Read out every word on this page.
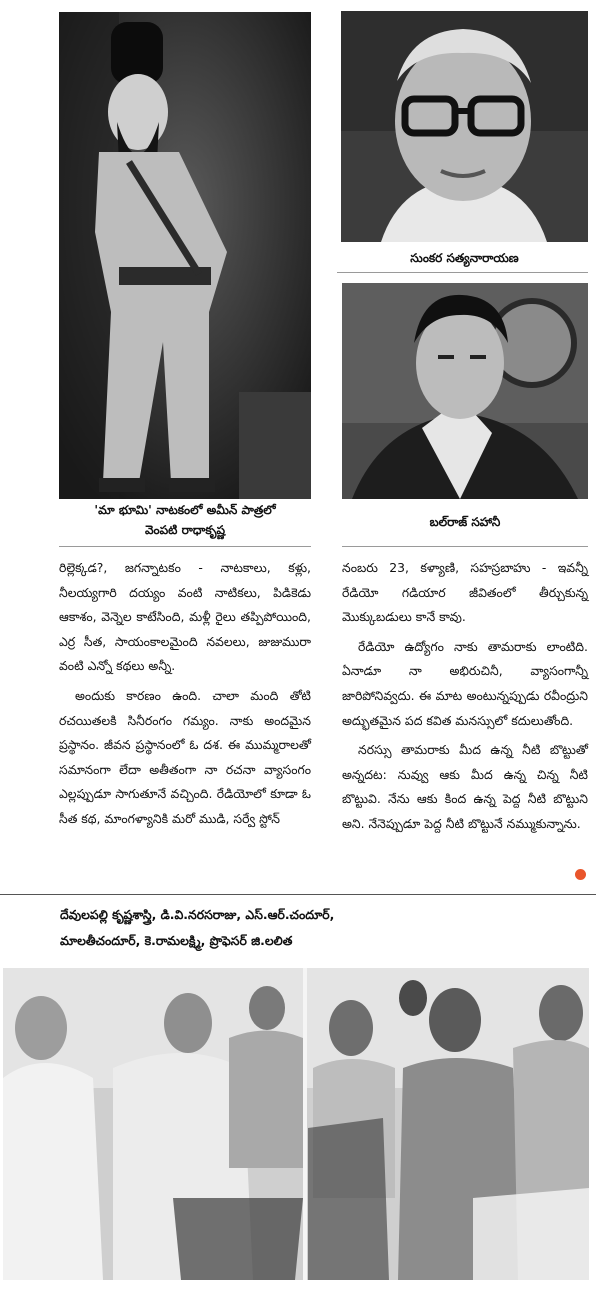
సుంకర సత్యనారాయణ
'మా భూమి' నాటకంలో అమీన్ పాత్రలో
వెంపటి రాధాకృష్ణ
బల్‌రాజ్ సహానీ

రిల్లెక్కడ?, జగన్నాటకం - నాటకాలు, కళ్లు, నీలయ్యగారి దయ్యం వంటి నాటికలు, పిడికెడు ఆకాశం, వెన్నెల కాటేసింది, మళ్లీ రైలు తప్పిపోయింది, ఎర్ర సీత, సాయంకాలమైంది నవలలు, జుజుమురా వంటి ఎన్నో కథలు అన్నీ.

అందుకు కారణం ఉంది. చాలా మంది తోటి రచయితలకి సినీరంగం గమ్యం. నాకు అందమైన ప్రస్థానం. జీవన ప్రస్థానంలో ఓ దశ. ఈ ముమ్మరాలతో సమానంగా లేదా అతీతంగా నా రచనా వ్యాసంగం ఎల్లప్పుడూ సాగుతూనే వచ్చింది. రేడియోలో కూడా ఓ సీత కథ, మాంగళ్యానికి మరో ముడి, సర్వే స్టోన్

నంబరు 23, కళ్యాణి, సహస్రబాహు - ఇవన్నీ రేడియో గడియార జీవితంలో తీర్చుకున్న మొక్కుబడులు కానే కావు.

రేడియో ఉద్యోగం నాకు తామరాకు లాంటిది. ఏనాడూ నా అభిరుచినీ, వ్యాసంగాన్నీ జారిపోనివ్వదు. ఈ మాట అంటున్నప్పుడు రవీంద్రుని అద్భుతమైన పద కవిత మనస్సులో కదులుతోంది.

నరస్సు తామరాకు మీద ఉన్న నీటి బొట్టుతో అన్నదట: నువ్వు ఆకు మీద ఉన్న చిన్న నీటి బొట్టువి. నేను ఆకు కింద ఉన్న పెద్ద నీటి బొట్టుని అని. నేనెప్పుడూ పెద్ద నీటి బొట్టునే నమ్ముకున్నాను.

దేవులపల్లి కృష్ణశాస్త్రి, డి.వి.నరసరాజు, ఎస్.ఆర్.చందూర్,
మాలతీచందూర్, కె.రామలక్ష్మి, ప్రొఫెసర్ జి.లలిత
